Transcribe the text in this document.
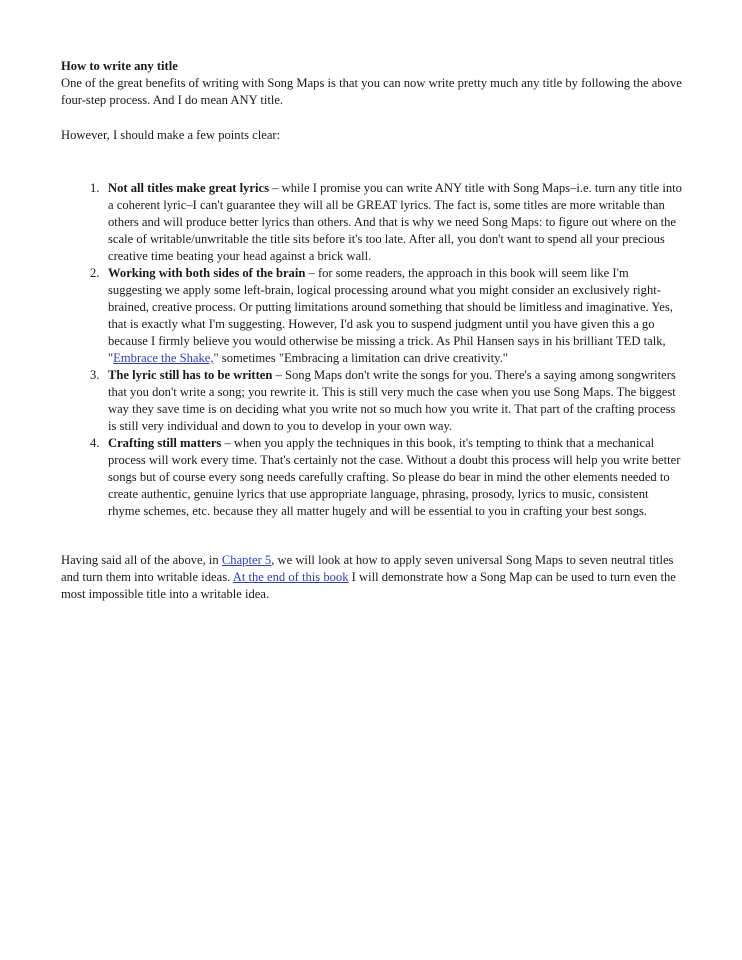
How to write any title

One of the great benefits of writing with Song Maps is that you can now write pretty much any title by following the above four-step process. And I do mean ANY title.

However, I should make a few points clear:

1. Not all titles make great lyrics – while I promise you can write ANY title with Song Maps–i.e. turn any title into a coherent lyric–I can't guarantee they will all be GREAT lyrics. The fact is, some titles are more writable than others and will produce better lyrics than others. And that is why we need Song Maps: to figure out where on the scale of writable/unwritable the title sits before it's too late. After all, you don't want to spend all your precious creative time beating your head against a brick wall.
2. Working with both sides of the brain – for some readers, the approach in this book will seem like I'm suggesting we apply some left-brain, logical processing around what you might consider an exclusively right-brained, creative process. Or putting limitations around something that should be limitless and imaginative. Yes, that is exactly what I'm suggesting. However, I'd ask you to suspend judgment until you have given this a go because I firmly believe you would otherwise be missing a trick. As Phil Hansen says in his brilliant TED talk, "Embrace the Shake," sometimes "Embracing a limitation can drive creativity."
3. The lyric still has to be written – Song Maps don't write the songs for you. There's a saying among songwriters that you don't write a song; you rewrite it. This is still very much the case when you use Song Maps. The biggest way they save time is on deciding what you write not so much how you write it. That part of the crafting process is still very individual and down to you to develop in your own way.
4. Crafting still matters – when you apply the techniques in this book, it's tempting to think that a mechanical process will work every time. That's certainly not the case. Without a doubt this process will help you write better songs but of course every song needs carefully crafting. So please do bear in mind the other elements needed to create authentic, genuine lyrics that use appropriate language, phrasing, prosody, lyrics to music, consistent rhyme schemes, etc. because they all matter hugely and will be essential to you in crafting your best songs.

Having said all of the above, in Chapter 5, we will look at how to apply seven universal Song Maps to seven neutral titles and turn them into writable ideas. At the end of this book I will demonstrate how a Song Map can be used to turn even the most impossible title into a writable idea.
